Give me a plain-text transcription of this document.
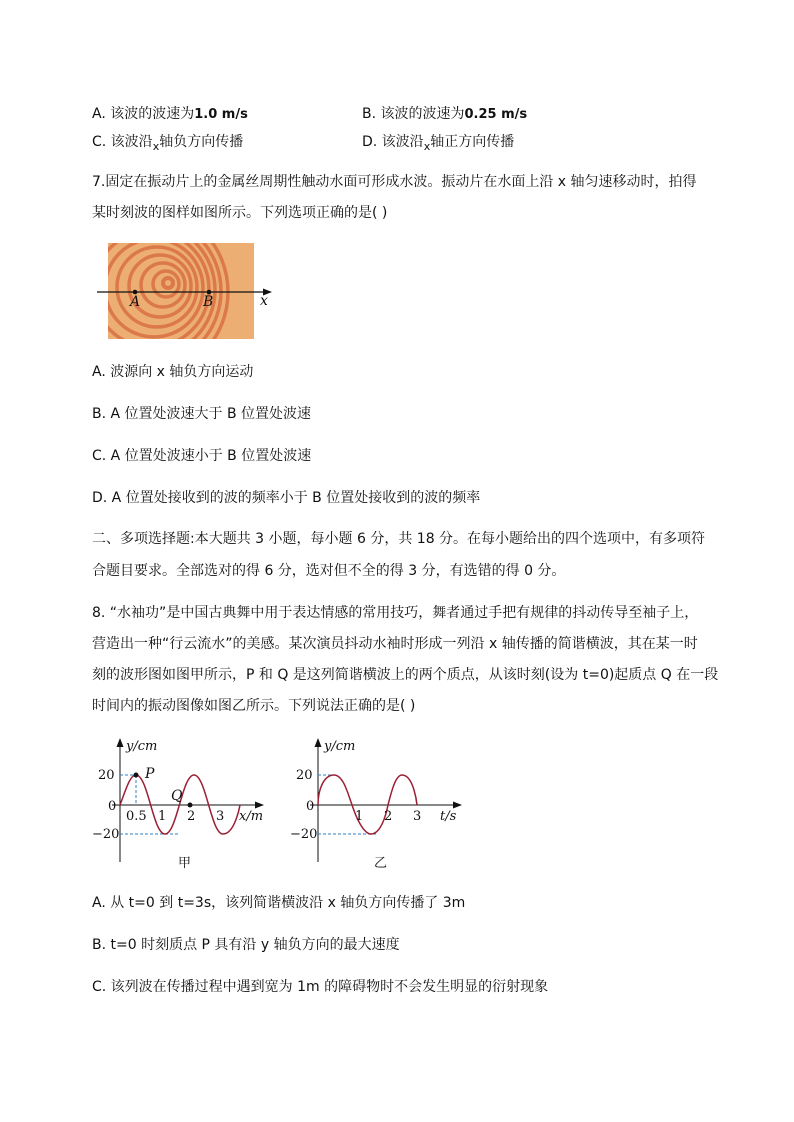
A. 该波的波速为1.0 m/s	B. 该波的波速为0.25 m/s
C. 该波沿$_x$轴负方向传播	D. 该波沿$_x$轴正方向传播
7.固定在振动片上的金属丝周期性触动水面可形成水波。振动片在水面上沿 x 轴匀速移动时，拍得
某时刻波的图样如图所示。下列选项正确的是( )
A	B	x
A. 波源向 x 轴负方向运动
B. A 位置处波速大于 B 位置处波速
C. A 位置处波速小于 B 位置处波速
D. A 位置处接收到的波的频率小于 B 位置处接收到的波的频率
二、多项选择题:本大题共 3 小题，每小题 6 分，共 18 分。在每小题给出的四个选项中，有多项符
合题目要求。全部选对的得 6 分，选对但不全的得 3 分，有选错的得 0 分。
8. “水袖功”是中国古典舞中用于表达情感的常用技巧，舞者通过手把有规律的抖动传导至袖子上，
营造出一种“行云流水”的美感。某次演员抖动水袖时形成一列沿 x 轴传播的简谐横波，其在某一时
刻的波形图如图甲所示，P 和 Q 是这列简谐横波上的两个质点，从该时刻(设为 t=0)起质点 Q 在一段
时间内的振动图像如图乙所示。下列说法正确的是( )
y/cm
20
0
−20
P
Q
0.5 1 2 3 x/m
甲
y/cm
20
0
−20
1 2 3 t/s
乙
A. 从 t=0 到 t=3s，该列简谐横波沿 x 轴负方向传播了 3m
B. t=0 时刻质点 P 具有沿 y 轴负方向的最大速度
C. 该列波在传播过程中遇到宽为 1m 的障碍物时不会发生明显的衍射现象
